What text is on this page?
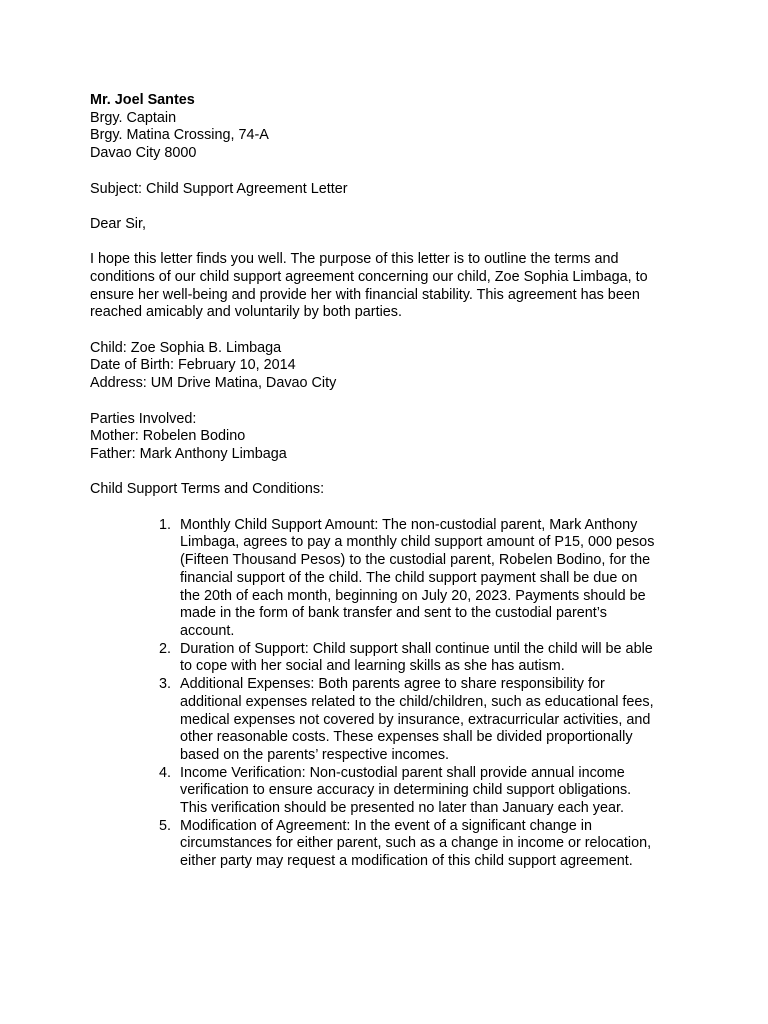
Mr. Joel Santes
Brgy. Captain
Brgy. Matina Crossing, 74-A
Davao City 8000
Subject: Child Support Agreement Letter
Dear Sir,
I hope this letter finds you well. The purpose of this letter is to outline the terms and
conditions of our child support agreement concerning our child, Zoe Sophia Limbaga, to
ensure her well-being and provide her with financial stability. This agreement has been
reached amicably and voluntarily by both parties.
Child: Zoe Sophia B. Limbaga
Date of Birth: February 10, 2014
Address: UM Drive Matina, Davao City
Parties Involved:
Mother: Robelen Bodino
Father: Mark Anthony Limbaga
Child Support Terms and Conditions:
1. Monthly Child Support Amount: The non-custodial parent, Mark Anthony
Limbaga, agrees to pay a monthly child support amount of P15, 000 pesos
(Fifteen Thousand Pesos) to the custodial parent, Robelen Bodino, for the
financial support of the child. The child support payment shall be due on
the 20th of each month, beginning on July 20, 2023. Payments should be
made in the form of bank transfer and sent to the custodial parent’s
account.
2. Duration of Support: Child support shall continue until the child will be able
to cope with her social and learning skills as she has autism.
3. Additional Expenses: Both parents agree to share responsibility for
additional expenses related to the child/children, such as educational fees,
medical expenses not covered by insurance, extracurricular activities, and
other reasonable costs. These expenses shall be divided proportionally
based on the parents’ respective incomes.
4. Income Verification: Non-custodial parent shall provide annual income
verification to ensure accuracy in determining child support obligations.
This verification should be presented no later than January each year.
5. Modification of Agreement: In the event of a significant change in
circumstances for either parent, such as a change in income or relocation,
either party may request a modification of this child support agreement.
